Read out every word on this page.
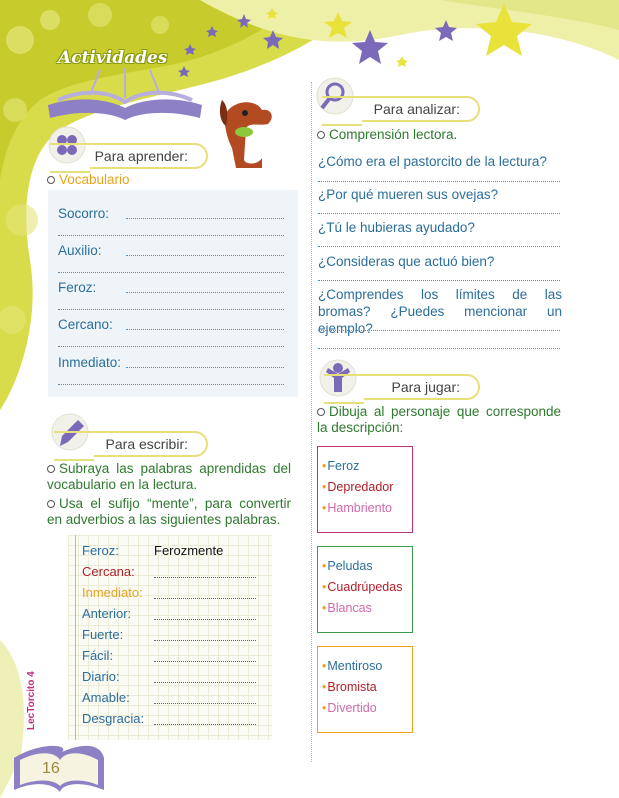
Actividades
Para aprender:
Vocabulario
Socorro:
Auxilio:
Feroz:
Cercano:
Inmediato:
Para escribir:
Subraya las palabras aprendidas del vocabulario en la lectura.
Usa el sufijo “mente”, para convertir en adverbios a las siguientes palabras.
Feroz:	Ferozmente
Cercana:
Inmediato:
Anterior:
Fuerte:
Fácil:
Diario:
Amable:
Desgracia:
Para analizar:
Comprensión lectora.
¿Cómo era el pastorcito de la lectura?
¿Por qué mueren sus ovejas?
¿Tú le hubieras ayudado?
¿Consideras que actuó bien?
¿Comprendes los límites de las bromas? ¿Puedes mencionar un ejemplo?
Para jugar:
Dibuja al personaje que corresponde la descripción:
• Feroz
• Depredador
• Hambriento
• Peludas
• Cuadrúpedas
• Blancas
• Mentiroso
• Bromista
• Divertido
LecTorcito 4
16
